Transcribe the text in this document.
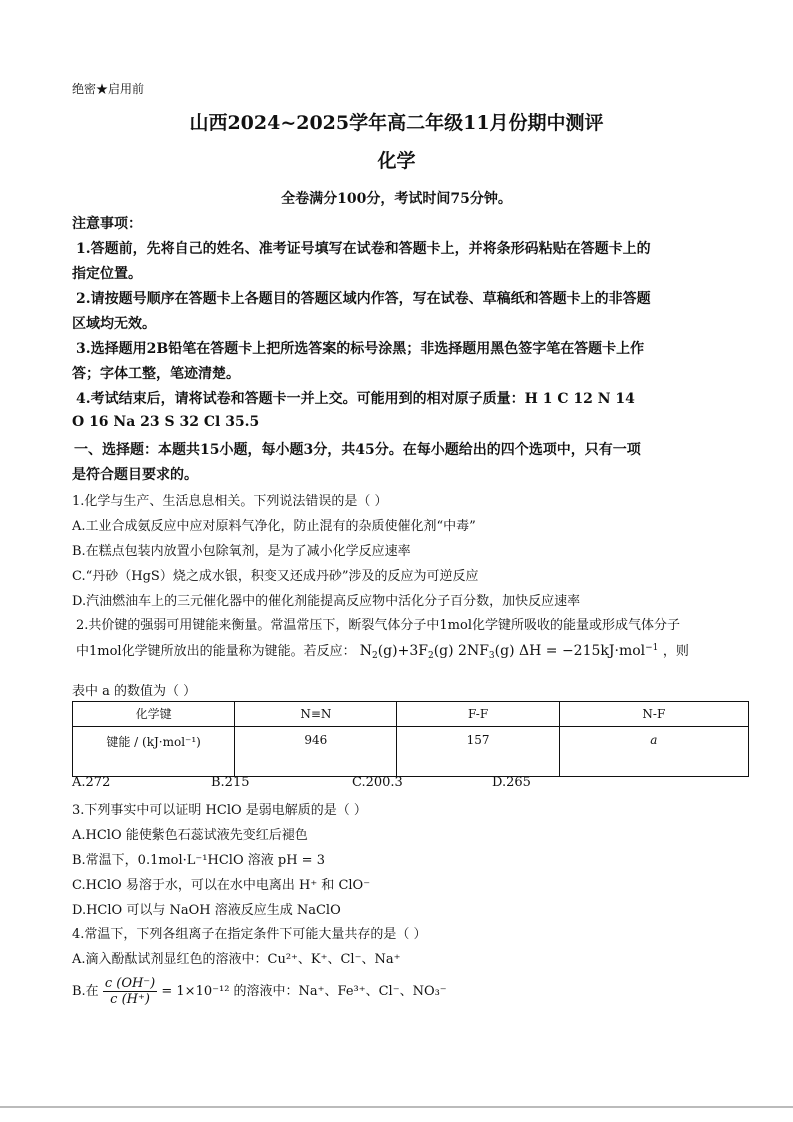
绝密★启用前
山西2024~2025学年高二年级11月份期中测评
化学
全卷满分100分，考试时间75分钟。
注意事项：
1.答题前，先将自己的姓名、准考证号填写在试卷和答题卡上，并将条形码粘贴在答题卡上的
指定位置。
2.请按题号顺序在答题卡上各题目的答题区域内作答，写在试卷、草稿纸和答题卡上的非答题
区域均无效。
3.选择题用2B铅笔在答题卡上把所选答案的标号涂黑；非选择题用黑色签字笔在答题卡上作
答；字体工整，笔迹清楚。
4.考试结束后，请将试卷和答题卡一并上交。可能用到的相对原子质量：H 1 C 12 N 14
O 16 Na 23 S 32 Cl 35.5
一、选择题：本题共15小题，每小题3分，共45分。在每小题给出的四个选项中，只有一项
是符合题目要求的。
1.化学与生产、生活息息相关。下列说法错误的是（ ）
A.工业合成氨反应中应对原料气净化，防止混有的杂质使催化剂“中毒”
B.在糕点包装内放置小包除氧剂，是为了减小化学反应速率
C.“丹砂（HgS）烧之成水银，积变又还成丹砂”涉及的反应为可逆反应
D.汽油燃油车上的三元催化器中的催化剂能提高反应物中活化分子百分数，加快反应速率
2.共价键的强弱可用键能来衡量。常温常压下，断裂气体分子中1mol化学键所吸收的能量或形成气体分子
中1mol化学键所放出的能量称为键能。若反应： $N_2(g)+3F_2(g)$ $2NF_3(g) \Delta H = -215kJ\cdot mol^{-1}$ ，则
表中 a 的数值为（ ）
化学键	N≡N	F-F	N-F
键能 / (kJ·mol⁻¹)	946	157	a
A.272	B.215	C.200.3	D.265
3.下列事实中可以证明 HClO 是弱电解质的是（ ）
A.HClO 能使紫色石蕊试液先变红后褪色
B.常温下，0.1mol·L⁻¹HClO 溶液 pH = 3
C.HClO 易溶于水，可以在水中电离出 H⁺ 和 ClO⁻
D.HClO 可以与 NaOH 溶液反应生成 NaClO
4.常温下，下列各组离子在指定条件下可能大量共存的是（ ）
A.滴入酚酞试剂显红色的溶液中：Cu²⁺、K⁺、Cl⁻、Na⁺
B.在 $\frac{c (OH^-)}{c (H^+)} = 1\times 10^{-12}$ 的溶液中：Na⁺、Fe³⁺、Cl⁻、NO₃⁻
